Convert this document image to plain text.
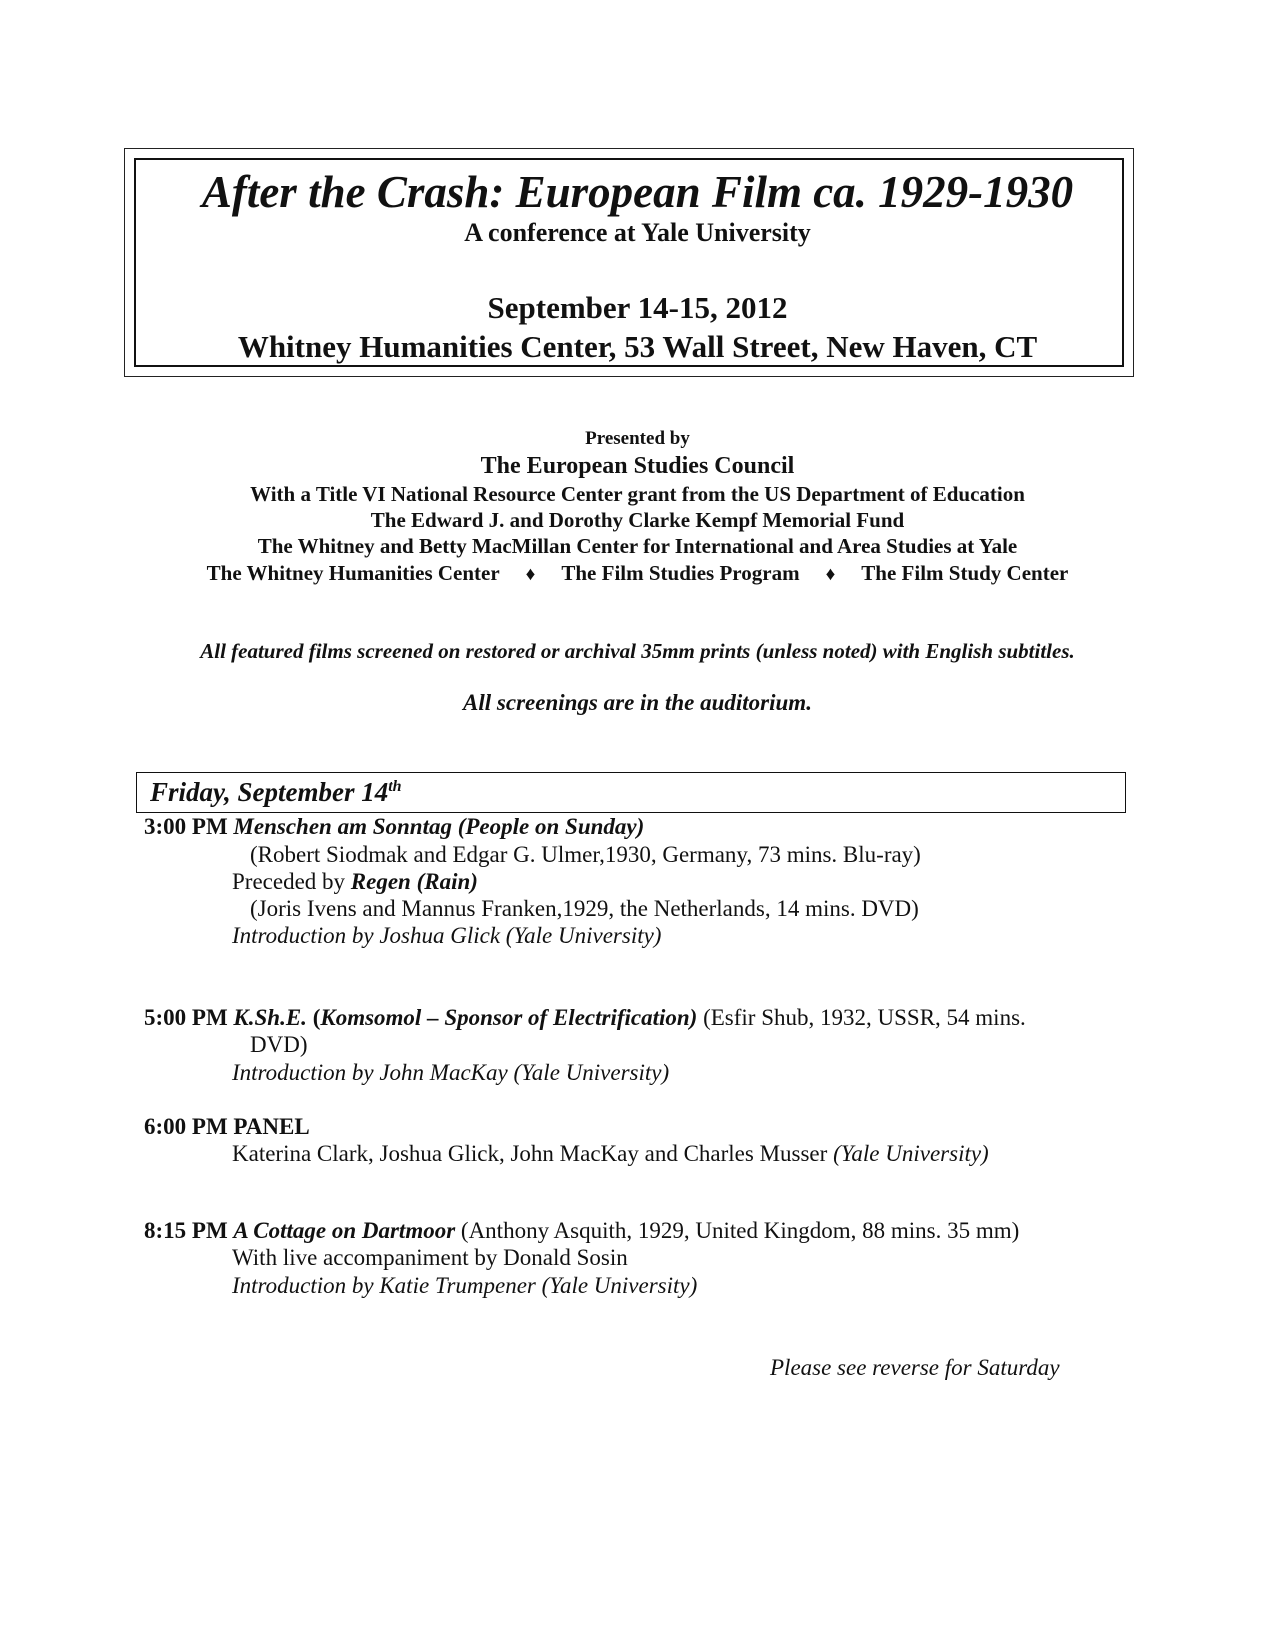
After the Crash: European Film ca. 1929-1930
A conference at Yale University
September 14-15, 2012
Whitney Humanities Center, 53 Wall Street, New Haven, CT
Presented by
The European Studies Council
With a Title VI National Resource Center grant from the US Department of Education
The Edward J. and Dorothy Clarke Kempf Memorial Fund
The Whitney and Betty MacMillan Center for International and Area Studies at Yale
The Whitney Humanities Center ♦ The Film Studies Program ♦ The Film Study Center
All featured films screened on restored or archival 35mm prints (unless noted) with English subtitles.
All screenings are in the auditorium.
Friday, September 14th
3:00 PM Menschen am Sonntag (People on Sunday)
(Robert Siodmak and Edgar G. Ulmer,1930, Germany, 73 mins. Blu-ray)
Preceded by Regen (Rain)
(Joris Ivens and Mannus Franken,1929, the Netherlands, 14 mins. DVD)
Introduction by Joshua Glick (Yale University)
5:00 PM K.Sh.E. (Komsomol – Sponsor of Electrification) (Esfir Shub, 1932, USSR, 54 mins.
DVD)
Introduction by John MacKay (Yale University)
6:00 PM PANEL
Katerina Clark, Joshua Glick, John MacKay and Charles Musser (Yale University)
8:15 PM A Cottage on Dartmoor (Anthony Asquith, 1929, United Kingdom, 88 mins. 35 mm)
With live accompaniment by Donald Sosin
Introduction by Katie Trumpener (Yale University)
Please see reverse for Saturday
